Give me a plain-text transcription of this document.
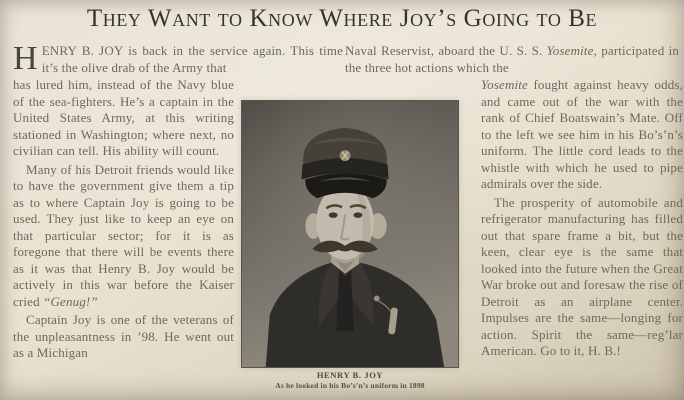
They Want to Know Where Joy’s Going to Be
HENRY B. JOY is back in the service again. This time it’s the olive drab of the Army that

has lured him, instead of the Navy blue of the sea-fighters. He’s a captain in the United States Army, at this writing stationed in Washington; where next, no civilian can tell. His ability will count.

Many of his Detroit friends would like to have the government give them a tip as to where Captain Joy is going to be used. They just like to keep an eye on that particular sector; for it is as foregone that there will be events there as it was that Henry B. Joy would be actively in this war before the Kaiser cried “Genug!”

Captain Joy is one of the veterans of the unpleasantness in ’98. He went out as a Michigan

Naval Reservist, aboard the U. S. S. Yosemite, participated in the three hot actions which the

Yosemite fought against heavy odds, and came out of the war with the rank of Chief Boatswain’s Mate. Off to the left we see him in his Bo’s’n’s uniform. The little cord leads to the whistle with which he used to pipe admirals over the side.

The prosperity of automobile and refrigerator manufacturing has filled out that spare frame a bit, but the keen, clear eye is the same that looked into the future when the Great War broke out and foresaw the rise of Detroit as an airplane center. Impulses are the same—longing for action. Spirit the same—reg’lar American. Go to it, H. B.!

HENRY B. JOY
As he looked in his Bo’s’n’s uniform in 1898
